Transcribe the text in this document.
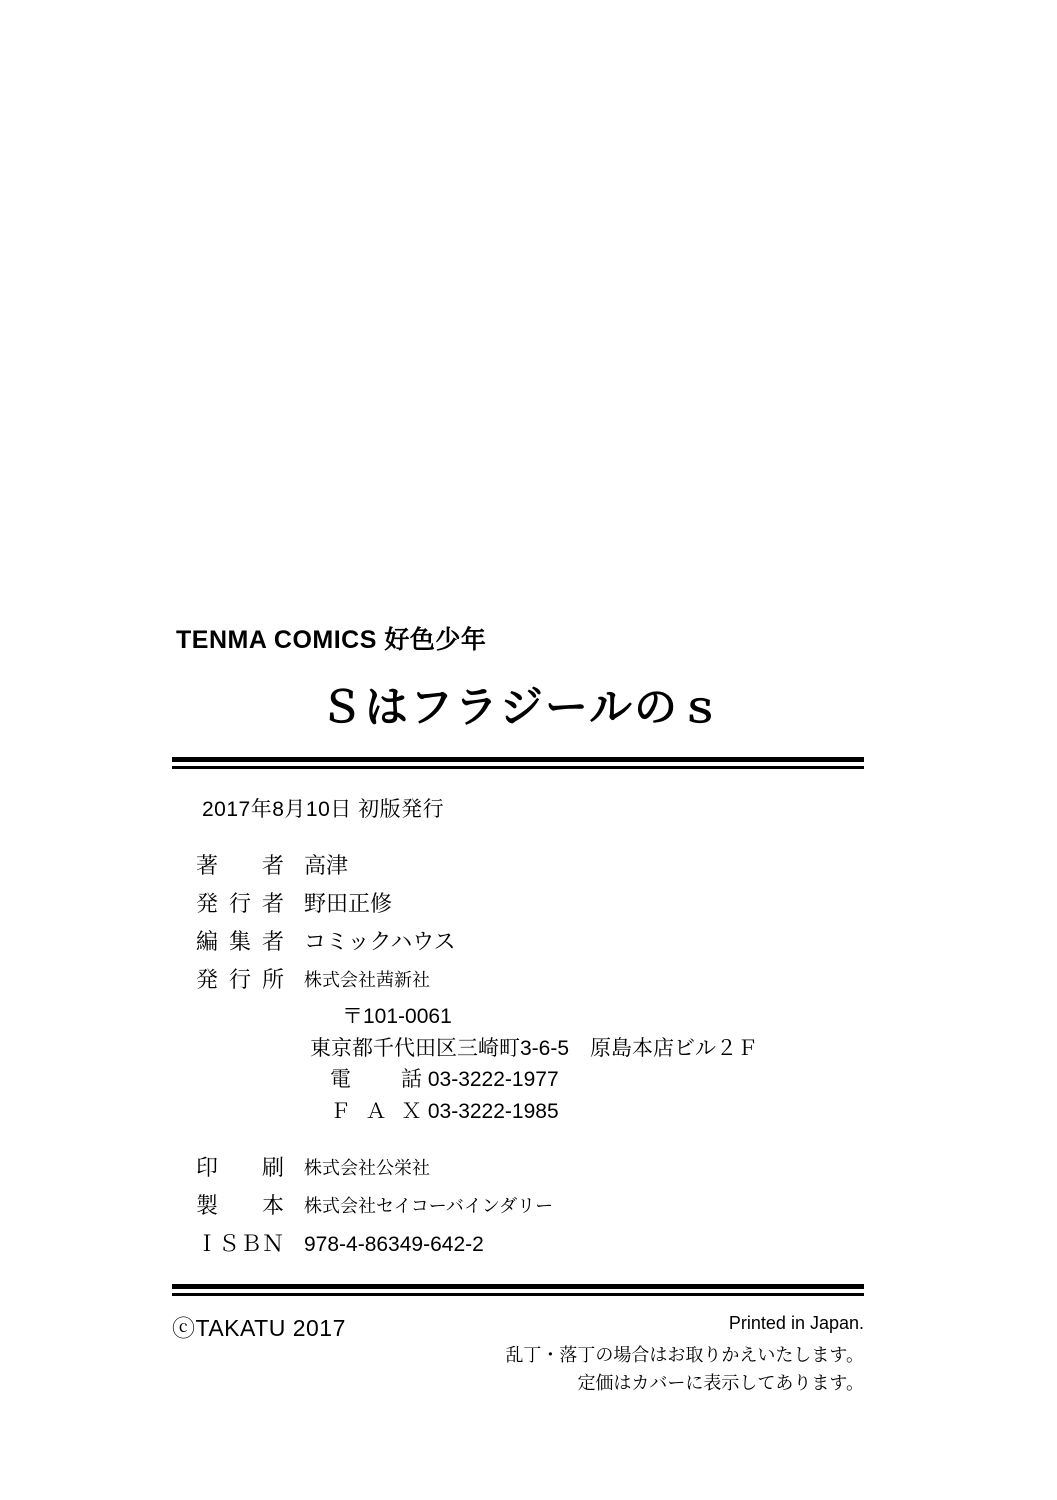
TENMA COMICS 好色少年
Ｓはフラジールのｓ
2017年8月10日 初版発行
著者 高津
発行者 野田正修
編集者 コミックハウス
発行所	株式会社茜新社
〒101-0061
東京都千代田区三崎町3-6-5　原島本店ビル２Ｆ
電　話 03-3222-1977
ＦＡＸ 03-3222-1985
印刷	株式会社公栄社
製本	株式会社セイコーバインダリー
ＩＳＢＮ 978-4-86349-642-2
ⓒTAKATU 2017	Printed in Japan.
乱丁・落丁の場合はお取りかえいたします。
定価はカバーに表示してあります。
